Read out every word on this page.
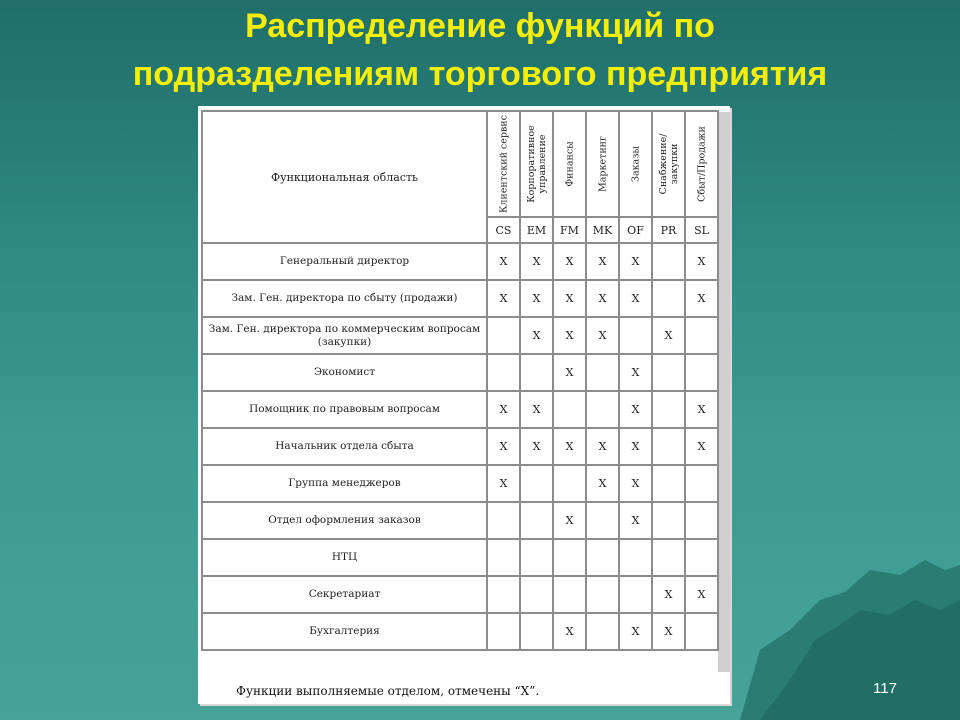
Распределение функций по
подразделениям торгового предприятия
Функциональная область	Клиентский сервис	Корпоративное управление	Финансы	Маркетинг	Заказы	Снабжение/ закупки	Сбыт/Продажи

	CS	EM	FM	MK	OF	PR	SL
Генеральный директор	X	X	X	X	X		X
Зам. Ген. директора по сбыту (продажи)	X	X	X	X	X		X
Зам. Ген. директора по коммерческим вопросам (закупки)		X	X	X		X	
Экономист			X		X		
Помощник по правовым вопросам	X	X			X		X
Начальник отдела сбыта	X	X	X	X	X		X
Группа менеджеров	X			X	X		
Отдел оформления заказов			X		X		
НТЦ							
Секретариат						X	X
Бухгалтерия			X		X	X	
Функции выполняемые отделом, отмечены “X”.	117
